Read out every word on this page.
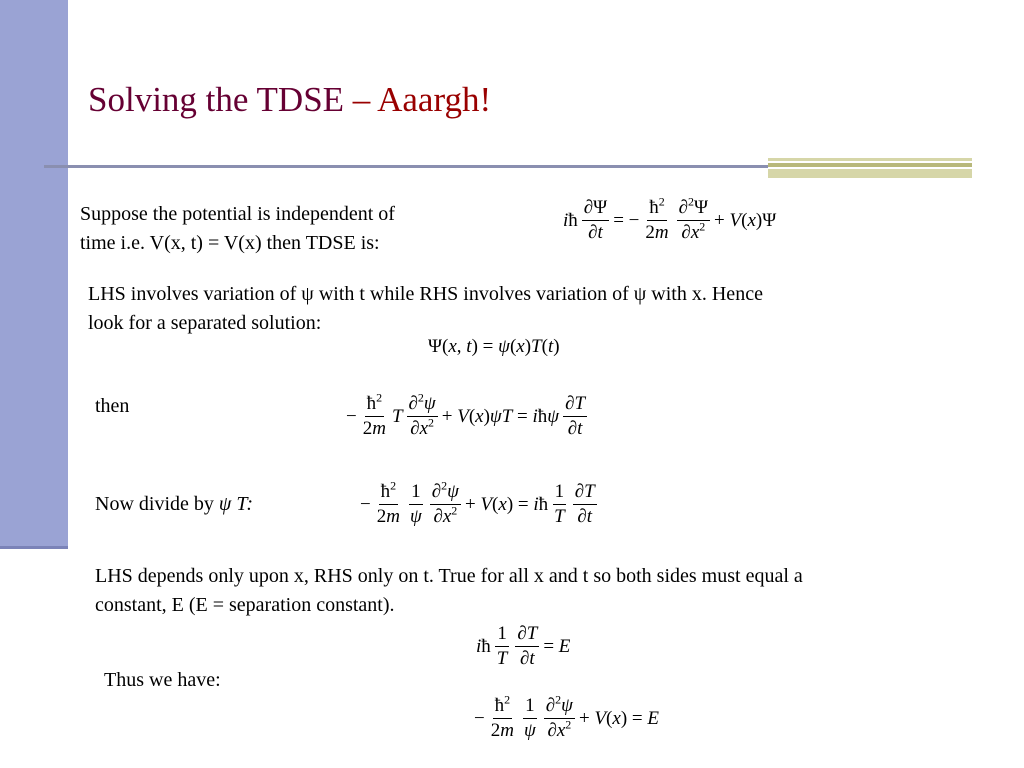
Solving the TDSE – Aaargh!
Suppose the potential is independent of
time i.e. V(x, t) = V(x) then TDSE is:
iħ $\frac{\partial\Psi}{\partial t}$ = − $\frac{ħ^2}{2m} \partial^2\Psi$
$\partial x^2 + V(x)\Psi$
LHS involves variation of ψ with t while RHS involves variation of ψ with x. Hence
look for a separated solution:
Ψ(x, t) = ψ(x)T(t)
then	− $\frac{ħ^2}{2m}$ T
∂$^2$ψ
$\partial x^2 + V(x)\psi T$ = iħψ
∂T
∂t
Now divide by ψ T:	− $\frac{ħ^2}{2m} 1$
ψ
∂$^2$ψ
$\partial x^2 + V(x)$ = iħ
1
T
∂T
∂t
LHS depends only upon x, RHS only on t. True for all x and t so both sides must equal a
constant, E (E = separation constant).
iħ
1
T $\frac{\partial T}{\partial t} = E$
Thus we have:
− $\frac{ħ^2}{2m} 1$
ψ
∂$^2$ψ
$\partial x^2 + V(x) = E$
